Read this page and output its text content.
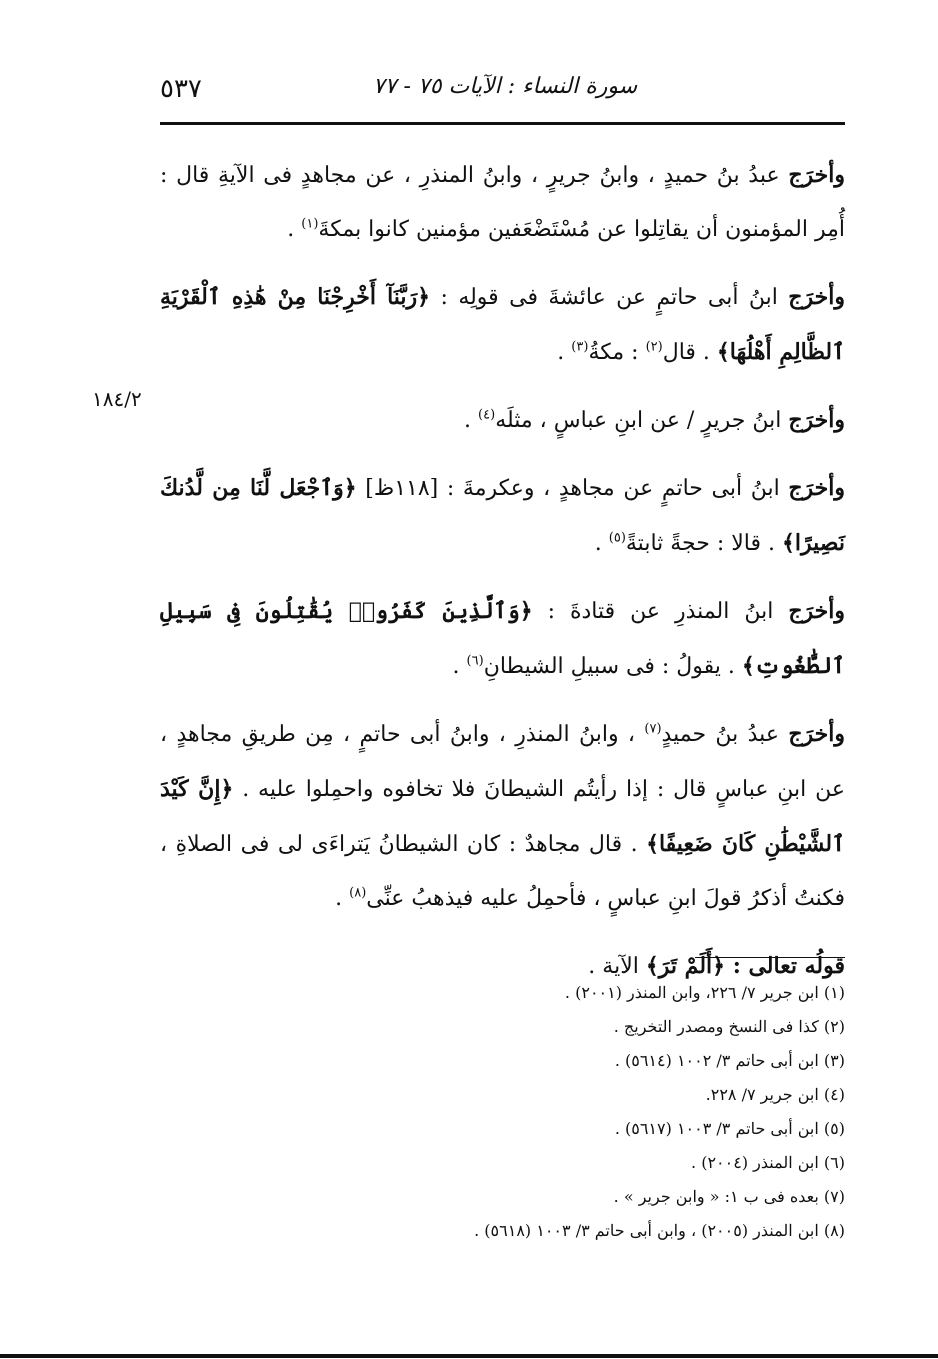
٥٣٧	سورة النساء : الآيات ٧٥ - ٧٧
١٨٤/٢

وأخرَج عبدُ بنُ حميدٍ ، وابنُ جريرٍ ، وابنُ المنذرِ ، عن مجاهدٍ فى الآيةِ قال : أُمِر المؤمنون أن يقاتِلوا عن مُسْتَضْعَفين مؤمنين كانوا بمكةَ$^{(١)}$ .

وأخرَج ابنُ أبى حاتمٍ عن عائشةَ فى قولِه : ﴿رَبَّنَآ أَخْرِجْنَا مِنْ هَٰذِهِ ٱلْقَرْيَةِ ٱلظَّالِمِ أَهْلُهَا﴾ . قال$^{(٢)}$ : مكةُ$^{(٣)}$ .

وأخرَج ابنُ جريرٍ / عن ابنِ عباسٍ ، مثلَه$^{(٤)}$ .

وأخرَج ابنُ أبى حاتمٍ عن مجاهدٍ ، وعكرمةَ : [١١٨ظ] ﴿وَٱجْعَل لَّنَا مِن لَّدُنكَ نَصِيرًا﴾ . قالا : حجةً ثابتةً$^{(٥)}$ .

وأخرَج ابنُ المنذرِ عن قتادةَ : ﴿وَٱلَّذِينَ كَفَرُوا۟ يُقَٰتِلُونَ فِى سَبِيلِ ٱلطَّٰغُوتِ﴾ . يقولُ : فى سبيلِ الشيطانِ$^{(٦)}$ .

وأخرَج عبدُ بنُ حميدٍ$^{(٧)}$ ، وابنُ المنذرِ ، وابنُ أبى حاتمٍ ، مِن طريقِ مجاهدٍ ، عن ابنِ عباسٍ قال : إذا رأيتُم الشيطانَ فلا تخافوه واحمِلوا عليه . ﴿إِنَّ كَيْدَ ٱلشَّيْطَٰنِ كَانَ ضَعِيفًا﴾ . قال مجاهدٌ : كان الشيطانُ يَتراءَى لى فى الصلاةِ ، فكنتُ أذكرُ قولَ ابنِ عباسٍ ، فأحمِلُ عليه فيذهبُ عنِّى$^{(٨)}$ .

قولُه تعالى : ﴿أَلَمْ تَرَ﴾ الآية .

(١) ابن جرير ٧/ ٢٢٦، وابن المنذر (٢٠٠١) .
(٢) كذا فى النسخ ومصدر التخريج .
(٣) ابن أبى حاتم ٣/ ١٠٠٢ (٥٦١٤) .
(٤) ابن جرير ٧/ ٢٢٨.
(٥) ابن أبى حاتم ٣/ ١٠٠٣ (٥٦١٧) .
(٦) ابن المنذر (٢٠٠٤) .
(٧) بعده فى ب ١: « وابن جرير » .
(٨) ابن المنذر (٢٠٠٥) ، وابن أبى حاتم ٣/ ١٠٠٣ (٥٦١٨) .
